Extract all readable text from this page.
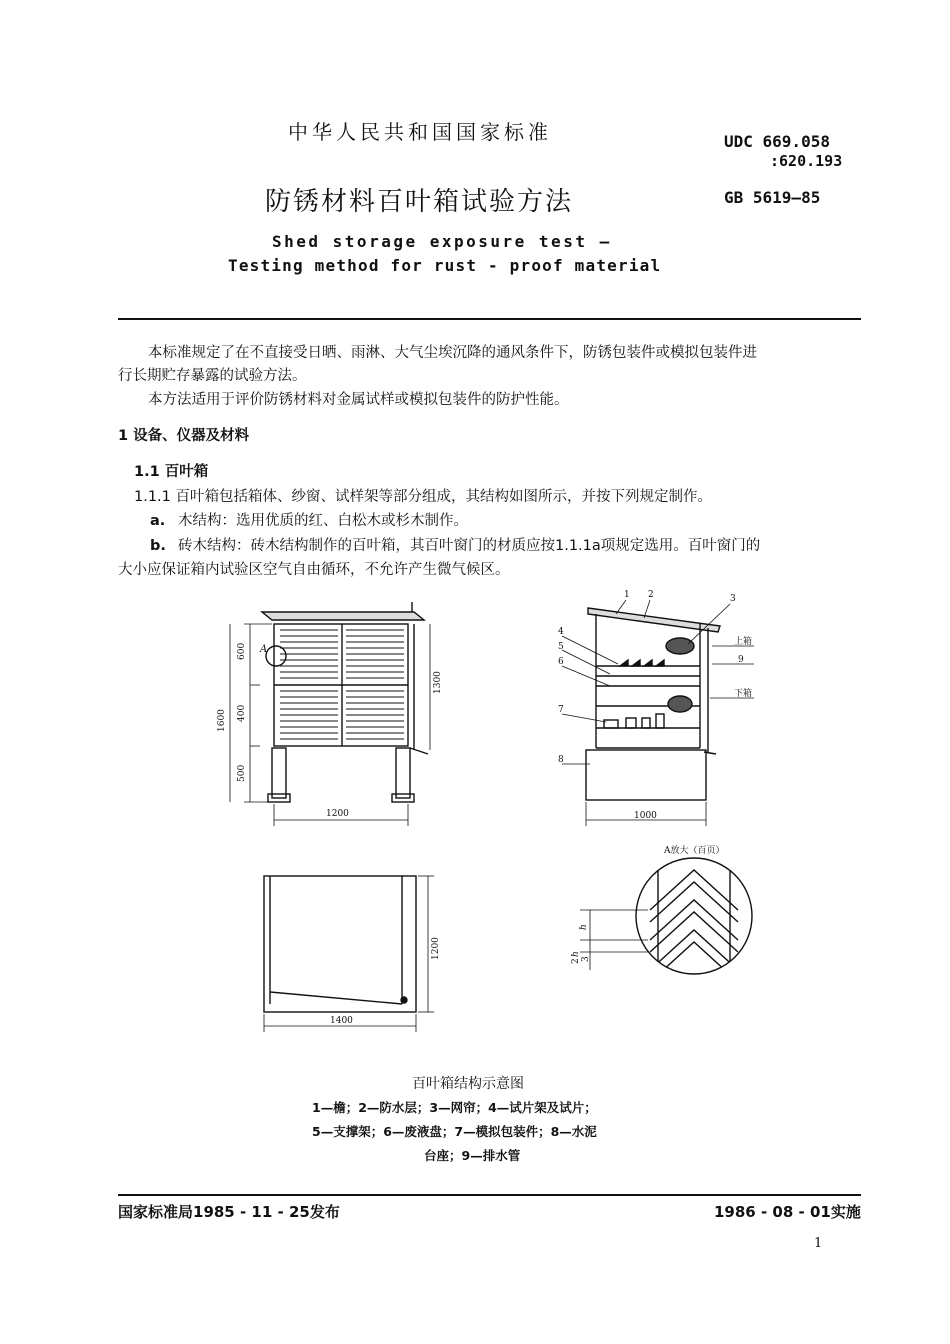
中华人民共和国国家标准	UDC 669.058
:620.193
防锈材料百叶箱试验方法	GB 5619—85
Shed storage exposure test —
Testing method for rust - proof material
本标准规定了在不直接受日晒、雨淋、大气尘埃沉降的通风条件下，防锈包装件或模拟包装件进
行长期贮存暴露的试验方法。
本方法适用于评价防锈材料对金属试样或模拟包装件的防护性能。
1 设备、仪器及材料
1.1 百叶箱
1.1.1 百叶箱包括箱体、纱窗、试样架等部分组成，其结构如图所示，并按下列规定制作。
a. 木结构：选用优质的红、白松木或杉木制作。
b. 砖木结构：砖木结构制作的百叶箱，其百叶窗门的材质应按1.1.1a项规定选用。百叶窗门的
大小应保证箱内试验区空气自由循环，不允许产生微气候区。
600
400
1600
500
1300
1200
A
1 2	3
4
5
6
7
8
9
上箱
下箱
1000
1400
1200
A放大（百页）
h
2
h
3
百叶箱结构示意图
1—檐；2—防水层；3—网帘；4—试片架及试片；
5—支撑架；6—废液盘；7—模拟包装件；8—水泥
台座；9—排水管
国家标准局1985 - 11 - 25发布	1986 - 08 - 01实施
1
